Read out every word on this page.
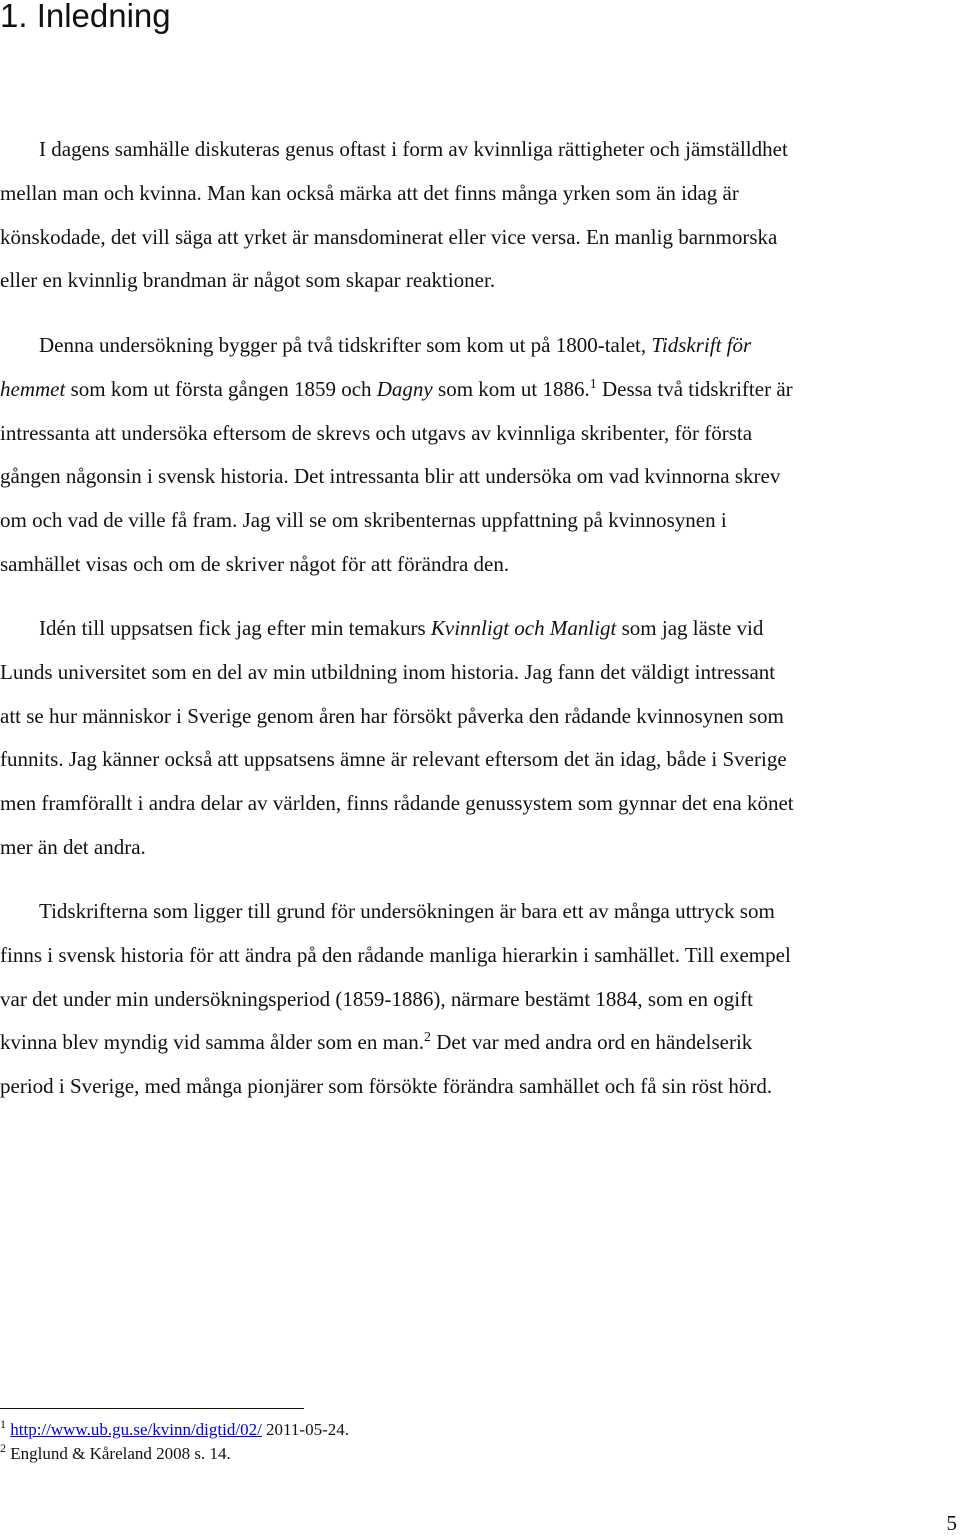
1. Inledning

I dagens samhälle diskuteras genus oftast i form av kvinnliga rättigheter och jämställdhet
mellan man och kvinna. Man kan också märka att det finns många yrken som än idag är
könskodade, det vill säga att yrket är mansdominerat eller vice versa. En manlig barnmorska
eller en kvinnlig brandman är något som skapar reaktioner.

Denna undersökning bygger på två tidskrifter som kom ut på 1800-talet, Tidskrift för
hemmet som kom ut första gången 1859 och Dagny som kom ut 1886.$^1$ Dessa två tidskrifter är
intressanta att undersöka eftersom de skrevs och utgavs av kvinnliga skribenter, för första
gången någonsin i svensk historia. Det intressanta blir att undersöka om vad kvinnorna skrev
om och vad de ville få fram. Jag vill se om skribenternas uppfattning på kvinnosynen i
samhället visas och om de skriver något för att förändra den.

Idén till uppsatsen fick jag efter min temakurs Kvinnligt och Manligt som jag läste vid
Lunds universitet som en del av min utbildning inom historia. Jag fann det väldigt intressant
att se hur människor i Sverige genom åren har försökt påverka den rådande kvinnosynen som
funnits. Jag känner också att uppsatsens ämne är relevant eftersom det än idag, både i Sverige
men framförallt i andra delar av världen, finns rådande genussystem som gynnar det ena könet
mer än det andra.

Tidskrifterna som ligger till grund för undersökningen är bara ett av många uttryck som
finns i svensk historia för att ändra på den rådande manliga hierarkin i samhället. Till exempel
var det under min undersökningsperiod (1859-1886), närmare bestämt 1884, som en ogift
kvinna blev myndig vid samma ålder som en man.$^2$ Det var med andra ord en händelserik
period i Sverige, med många pionjärer som försökte förändra samhället och få sin röst hörd.

$^1$ http://www.ub.gu.se/kvinn/digtid/02/ 2011-05-24.
$^2$ Englund & Kåreland 2008 s. 14.
5
